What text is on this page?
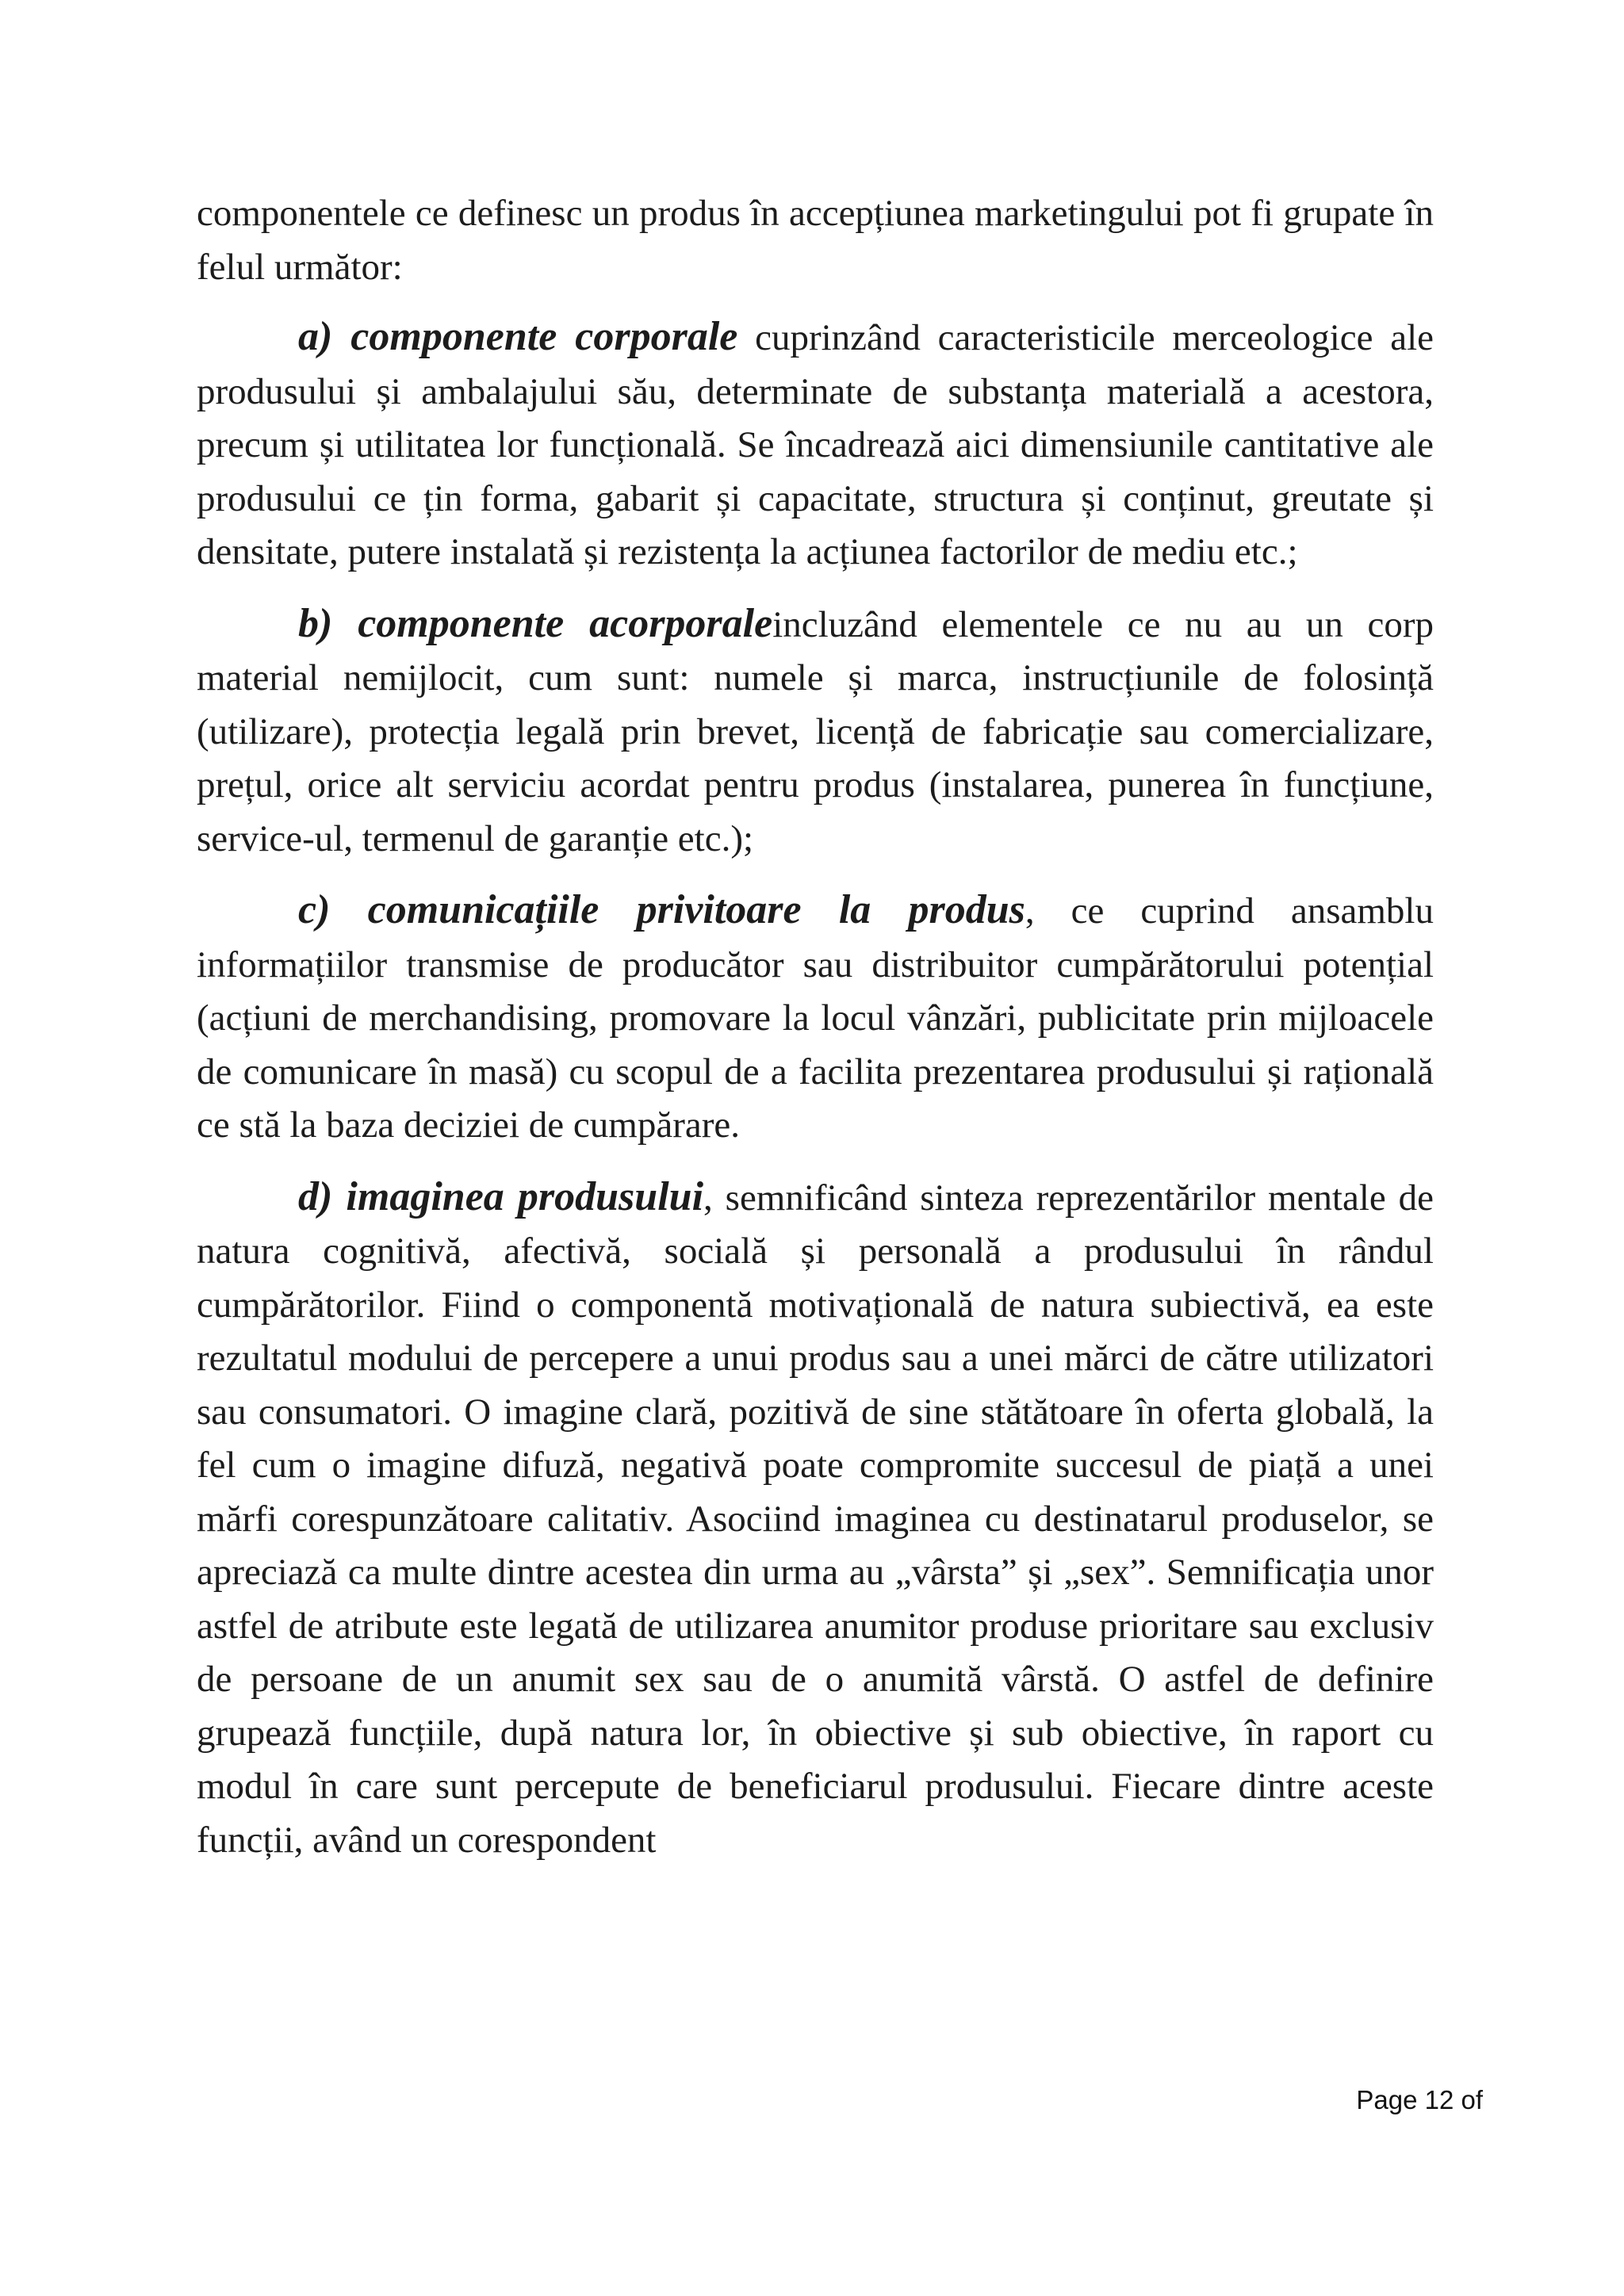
componentele ce definesc un produs în accepțiunea marketingului pot fi grupate în felul următor:

a) componente corporale cuprinzând caracteristicile merceologice ale produsului și ambalajului său, determinate de substanța materială a acestora, precum și utilitatea lor funcțională. Se încadrează aici dimensiunile cantitative ale produsului ce țin forma, gabarit și capacitate, structura și conținut, greutate și densitate, putere instalată și rezistența la acțiunea factorilor de mediu etc.;

b) componente acorporaleincluzând elementele ce nu au un corp material nemijlocit, cum sunt: numele și marca, instrucțiunile de folosință (utilizare), protecția legală prin brevet, licență de fabricație sau comercializare, prețul, orice alt serviciu acordat pentru produs (instalarea, punerea în funcțiune, service-ul, termenul de garanție etc.);

c) comunicațiile privitoare la produs, ce cuprind ansamblu informațiilor transmise de producător sau distribuitor cumpărătorului potențial (acțiuni de merchandising, promovare la locul vânzări, publicitate prin mijloacele de comunicare în masă) cu scopul de a facilita prezentarea produsului și rațională ce stă la baza deciziei de cumpărare.

d) imaginea produsului, semnificând sinteza reprezentărilor mentale de natura cognitivă, afectivă, socială și personală a produsului în rândul cumpărătorilor. Fiind o componentă motivațională de natura subiectivă, ea este rezultatul modului de percepere a unui produs sau a unei mărci de către utilizatori sau consumatori. O imagine clară, pozitivă de sine stătătoare în oferta globală, la fel cum o imagine difuză, negativă poate compromite succesul de piață a unei mărfi corespunzătoare calitativ. Asociind imaginea cu destinatarul produselor, se apreciază ca multe dintre acestea din urma au „vârsta” și „sex”. Semnificația unor astfel de atribute este legată de utilizarea anumitor produse prioritare sau exclusiv de persoane de un anumit sex sau de o anumită vârstă. O astfel de definire grupează funcțiile, după natura lor, în obiective și sub obiective, în raport cu modul în care sunt percepute de beneficiarul produsului. Fiecare dintre aceste funcții, având un corespondent

Page 12 of
